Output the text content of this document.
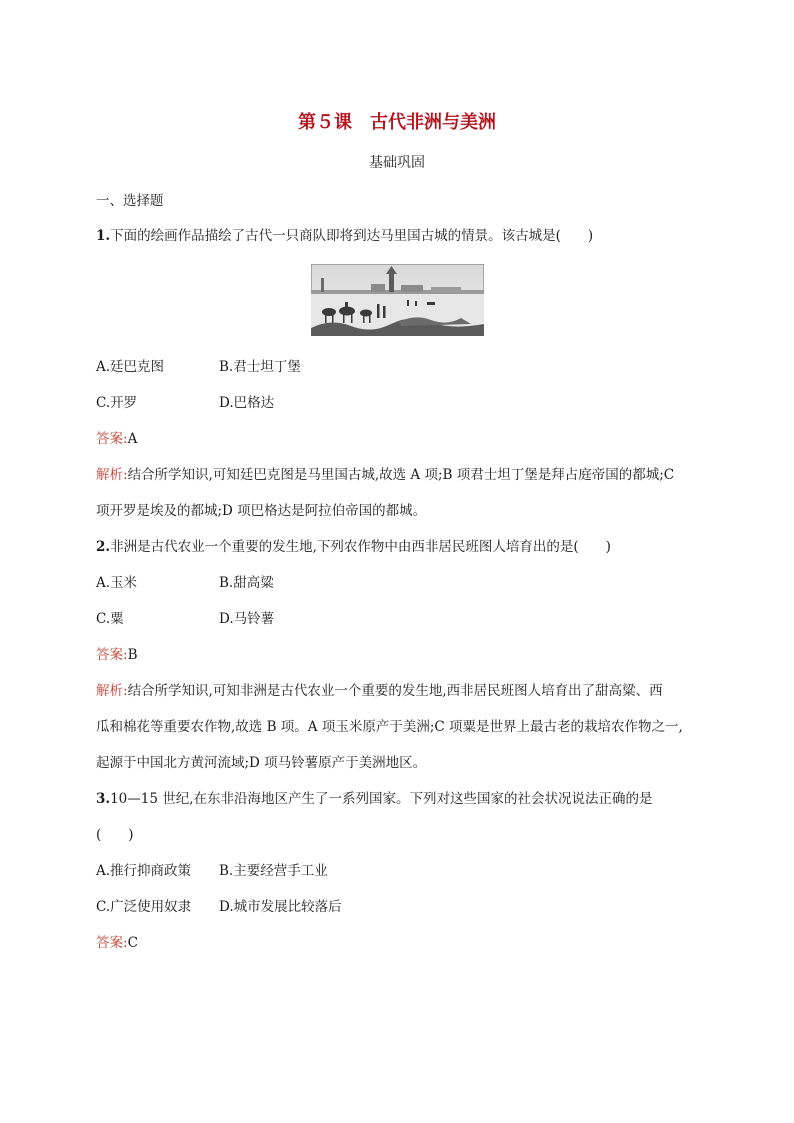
第５课　古代非洲与美洲
基础巩固
一、选择题
1.下面的绘画作品描绘了古代一只商队即将到达马里国古城的情景。该古城是(　　)
A.廷巴克图	B.君士坦丁堡
C.开罗	D.巴格达
答案:A
解析:结合所学知识,可知廷巴克图是马里国古城,故选 A 项;B 项君士坦丁堡是拜占庭帝国的都城;C
项开罗是埃及的都城;D 项巴格达是阿拉伯帝国的都城。
2.非洲是古代农业一个重要的发生地,下列农作物中由西非居民班图人培育出的是(　　)
A.玉米	B.甜高粱
C.粟	D.马铃薯
答案:B
解析:结合所学知识,可知非洲是古代农业一个重要的发生地,西非居民班图人培育出了甜高粱、西
瓜和棉花等重要农作物,故选 B 项。A 项玉米原产于美洲;C 项粟是世界上最古老的栽培农作物之一,
起源于中国北方黄河流域;D 项马铃薯原产于美洲地区。
3.10—15 世纪,在东非沿海地区产生了一系列国家。下列对这些国家的社会状况说法正确的是
(　　)
A.推行抑商政策 B.主要经营手工业
C.广泛使用奴隶 D.城市发展比较落后
答案:C
